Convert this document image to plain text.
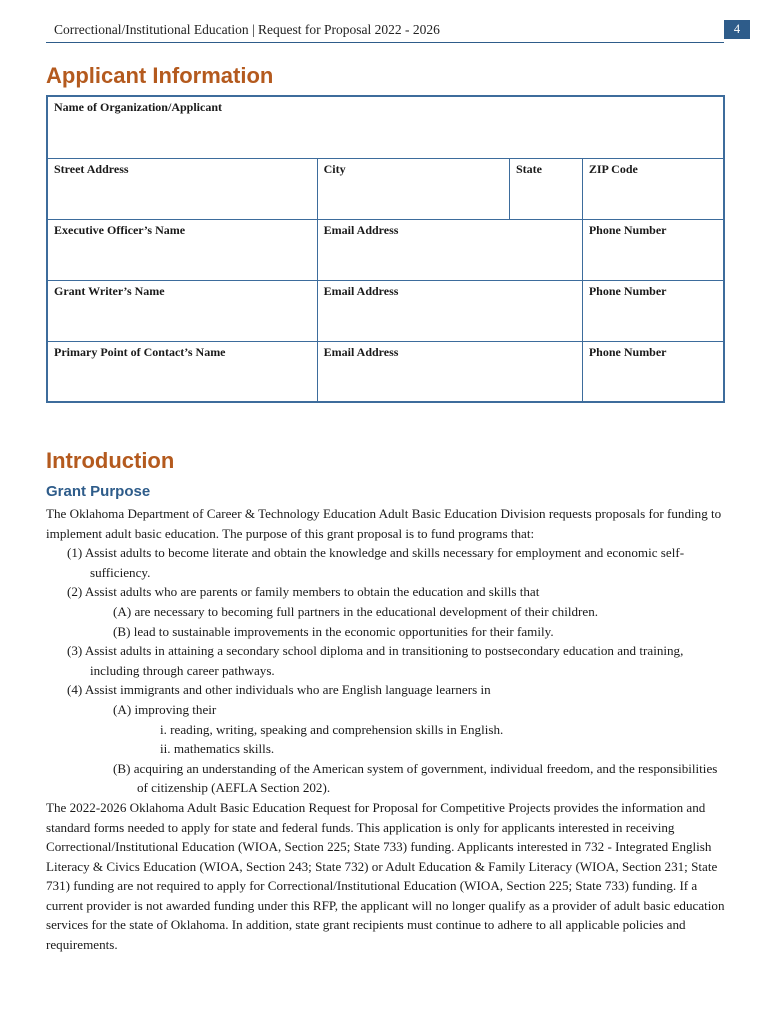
Correctional/Institutional Education | Request for Proposal 2022 - 2026	4
Applicant Information
Name of Organization/Applicant			
Street Address	City	State	ZIP Code
Executive Officer’s Name	Email Address		Phone Number
Grant Writer’s Name	Email Address		Phone Number
Primary Point of Contact’s Name	Email Address		Phone Number
Introduction
Grant Purpose

The Oklahoma Department of Career & Technology Education Adult Basic Education Division requests proposals for funding to implement adult basic education. The purpose of this grant proposal is to fund programs that:

(1) Assist adults to become literate and obtain the knowledge and skills necessary for employment and economic self-sufficiency.

(2) Assist adults who are parents or family members to obtain the education and skills that

(A) are necessary to becoming full partners in the educational development of their children.

(B) lead to sustainable improvements in the economic opportunities for their family.

(3) Assist adults in attaining a secondary school diploma and in transitioning to postsecondary education and training, including through career pathways.

(4) Assist immigrants and other individuals who are English language learners in

(A) improving their

i. reading, writing, speaking and comprehension skills in English.

ii. mathematics skills.

(B) acquiring an understanding of the American system of government, individual freedom, and the responsibilities of citizenship (AEFLA Section 202).

The 2022-2026 Oklahoma Adult Basic Education Request for Proposal for Competitive Projects provides the information and standard forms needed to apply for state and federal funds. This application is only for applicants interested in receiving Correctional/Institutional Education (WIOA, Section 225; State 733) funding. Applicants interested in 732 - Integrated English Literacy & Civics Education (WIOA, Section 243; State 732) or Adult Education & Family Literacy (WIOA, Section 231; State 731) funding are not required to apply for Correctional/Institutional Education (WIOA, Section 225; State 733) funding. If a current provider is not awarded funding under this RFP, the applicant will no longer qualify as a provider of adult basic education services for the state of Oklahoma. In addition, state grant recipients must continue to adhere to all applicable policies and requirements.
